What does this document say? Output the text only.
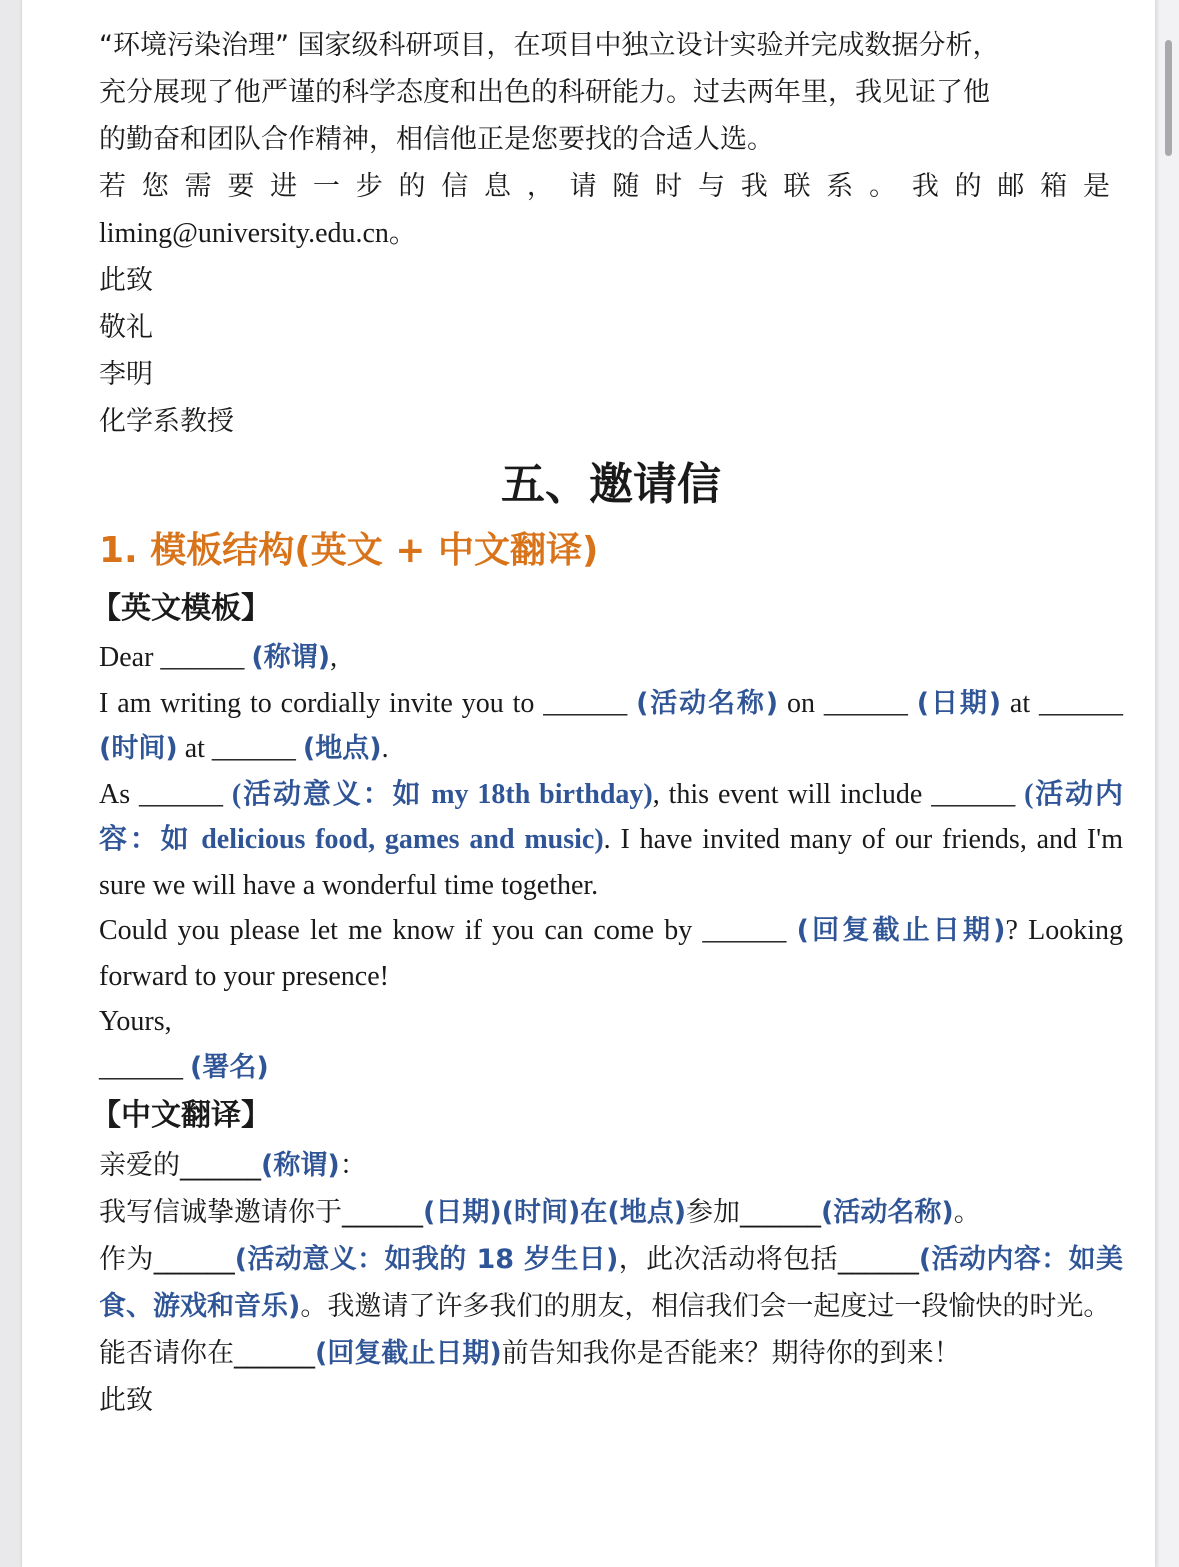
“环境污染治理” 国家级科研项目，在项目中独立设计实验并完成数据分析，

充分展现了他严谨的科学态度和出色的科研能力。过去两年里，我见证了他

的勤奋和团队合作精神，相信他正是您要找的合适人选。

若您需要进一步的信息，请随时与我联系。我的邮箱是

liming@university.edu.cn。

此致

敬礼

李明

化学系教授

五、邀请信
1. 模板结构(英文 + 中文翻译)
【英文模板】
Dear ______ (称谓),
I am writing to cordially invite you to ______ (活动名称) on ______ (日期) at ______ (时间) at ______ (地点).
As ______ (活动意义：如 my 18th birthday), this event will include ______ (活动内容：如 delicious food, games and music). I have invited many of our friends, and I'm sure we will have a wonderful time together.
Could you please let me know if you can come by ______ (回复截止日期)? Looking forward to your presence!
Yours,
______ (署名)
【中文翻译】
亲爱的______(称谓)：
我写信诚挚邀请你于______(日期)(时间)在(地点)参加______(活动名称)。
作为______(活动意义：如我的 18 岁生日)，此次活动将包括______(活动内容：如美食、游戏和音乐)。我邀请了许多我们的朋友，相信我们会一起度过一段愉快的时光。
能否请你在______(回复截止日期)前告知我你是否能来？期待你的到来！
此致
